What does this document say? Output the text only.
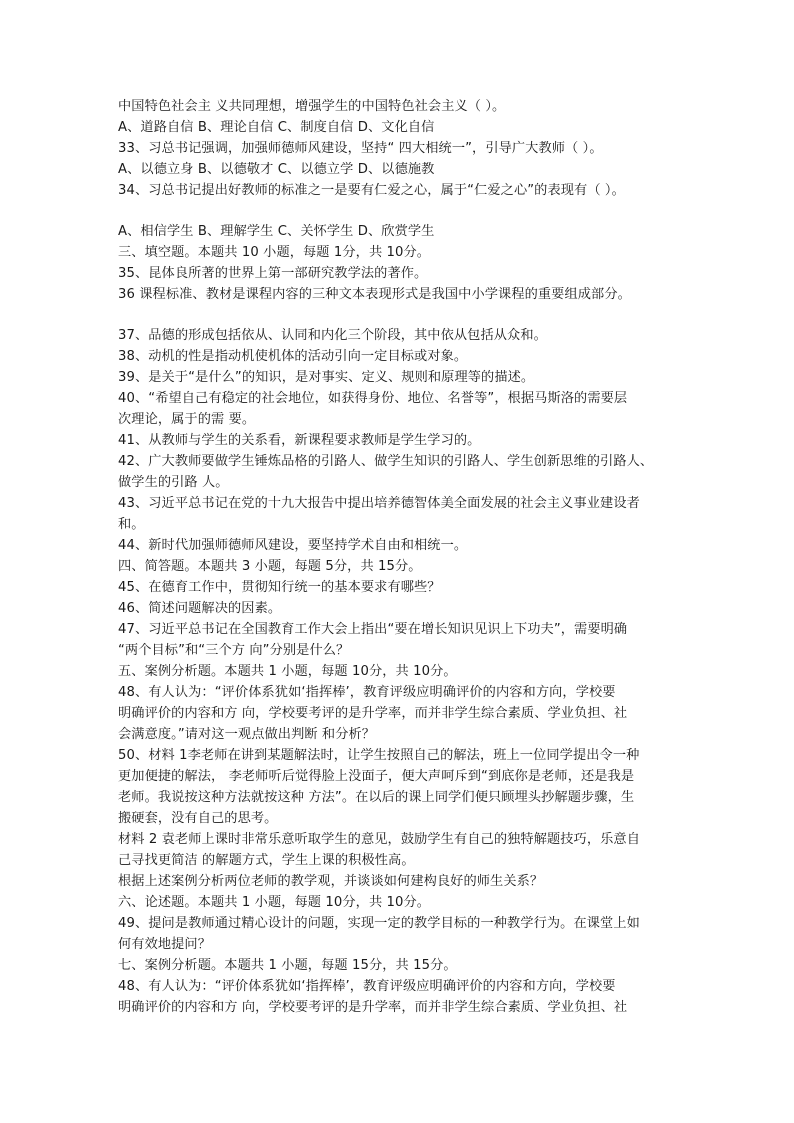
中国特色社会主 义共同理想，增强学生的中国特色社会主义（ ）。
A、道路自信 B、理论自信 C、制度自信 D、文化自信
33、习总书记强调，加强师德师风建设，坚持“ 四大相统一”，引导广大教师（ ）。
A、以德立身 B、以德敬才 C、以德立学 D、以德施教
34、习总书记提出好教师的标准之一是要有仁爱之心，属于“仁爱之心”的表现有（ ）。
A、相信学生 B、理解学生 C、关怀学生 D、欣赏学生
三、填空题。本题共 10 小题，每题 1分，共 10分。
35、昆体良所著的世界上第一部研究教学法的著作。
36 课程标准、教材是课程内容的三种文本表现形式是我国中小学课程的重要组成部分。
37、品德的形成包括依从、认同和内化三个阶段，其中依从包括从众和。
38、动机的性是指动机使机体的活动引向一定目标或对象。
39、是关于“是什么”的知识，是对事实、定义、规则和原理等的描述。
40、“希望自己有稳定的社会地位，如获得身份、地位、名誉等”，根据马斯洛的需要层
次理论，属于的需 要。
41、从教师与学生的关系看，新课程要求教师是学生学习的。
42、广大教师要做学生锤炼品格的引路人、做学生知识的引路人、学生创新思维的引路人、
做学生的引路 人。
43、习近平总书记在党的十九大报告中提出培养德智体美全面发展的社会主义事业建设者
和。
44、新时代加强师德师风建设，要坚持学术自由和相统一。
四、简答题。本题共 3 小题，每题 5分，共 15分。
45、在德育工作中，贯彻知行统一的基本要求有哪些？
46、简述问题解决的因素。
47、习近平总书记在全国教育工作大会上指出“要在增长知识见识上下功夫”，需要明确
“两个目标”和“三个方 向”分别是什么？
五、案例分析题。本题共 1 小题，每题 10分，共 10分。
48、有人认为：“评价体系犹如‘指挥棒’，教育评级应明确评价的内容和方向，学校要
明确评价的内容和方 向，学校要考评的是升学率，而并非学生综合素质、学业负担、社
会满意度。”请对这一观点做出判断 和分析？
50、材料 1李老师在讲到某题解法时，让学生按照自己的解法，班上一位同学提出令一种
更加便捷的解法， 李老师听后觉得脸上没面子，便大声呵斥到“到底你是老师，还是我是
老师。我说按这种方法就按这种 方法”。在以后的课上同学们便只顾埋头抄解题步骤，生
搬硬套，没有自己的思考。
材料 2 袁老师上课时非常乐意听取学生的意见，鼓励学生有自己的独特解题技巧，乐意自
己寻找更简洁 的解题方式，学生上课的积极性高。
根据上述案例分析两位老师的教学观，并谈谈如何建构良好的师生关系？
六、论述题。本题共 1 小题，每题 10分，共 10分。
49、提问是教师通过精心设计的问题，实现一定的教学目标的一种教学行为。在课堂上如
何有效地提问？
七、案例分析题。本题共 1 小题，每题 15分，共 15分。
48、有人认为：“评价体系犹如‘指挥棒’，教育评级应明确评价的内容和方向，学校要
明确评价的内容和方 向，学校要考评的是升学率，而并非学生综合素质、学业负担、社
